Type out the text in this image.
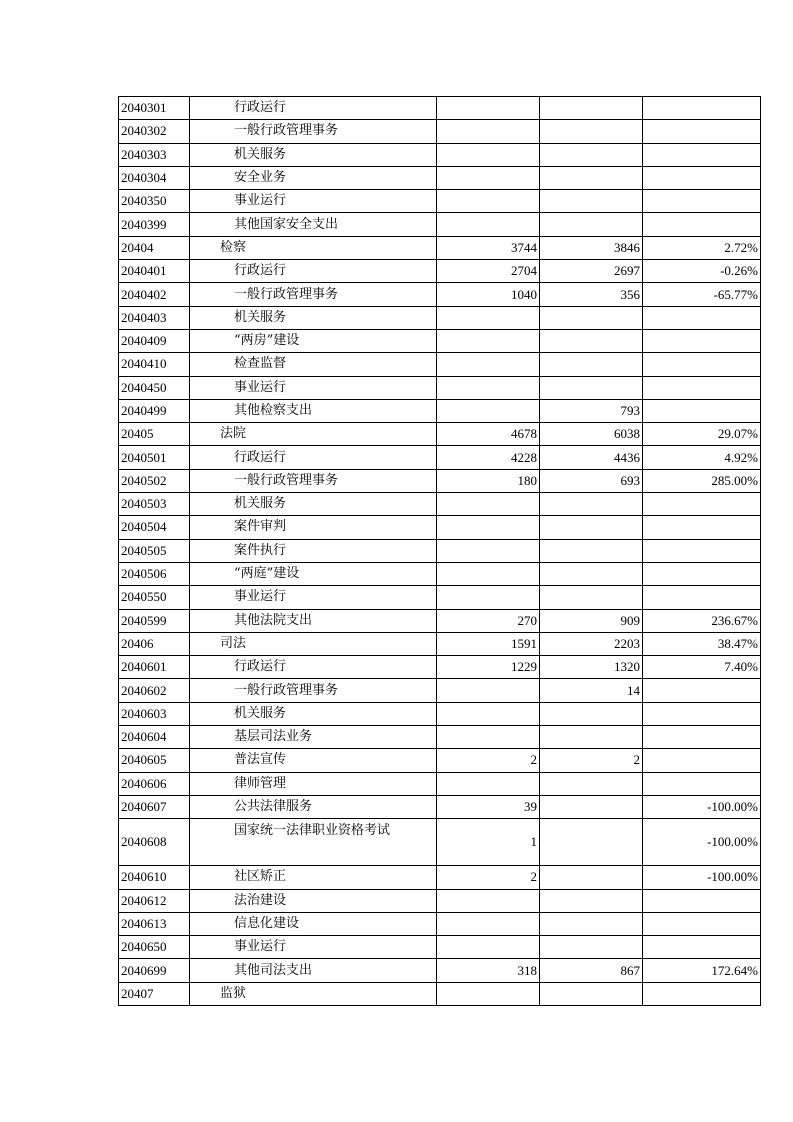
2040301	行政运行			
2040302	一般行政管理事务			
2040303	机关服务			
2040304	安全业务			
2040350	事业运行			
2040399	其他国家安全支出			
20404	检察	3744	3846	2.72%
2040401	行政运行	2704	2697	-0.26%
2040402	一般行政管理事务	1040	356	-65.77%
2040403	机关服务			
2040409	“两房”建设			
2040410	检查监督			
2040450	事业运行			
2040499	其他检察支出		793	
20405	法院	4678	6038	29.07%
2040501	行政运行	4228	4436	4.92%
2040502	一般行政管理事务	180	693	285.00%
2040503	机关服务			
2040504	案件审判			
2040505	案件执行			
2040506	“两庭”建设			
2040550	事业运行			
2040599	其他法院支出	270	909	236.67%
20406	司法	1591	2203	38.47%
2040601	行政运行	1229	1320	7.40%
2040602	一般行政管理事务		14	
2040603	机关服务			
2040604	基层司法业务			
2040605	普法宣传	2	2	
2040606	律师管理			
2040607	公共法律服务	39		-100.00%
2040608	国家统一法律职业资格考试	1		-100.00%
2040610	社区矫正	2		-100.00%
2040612	法治建设			
2040613	信息化建设			
2040650	事业运行			
2040699	其他司法支出	318	867	172.64%
20407	监狱			
